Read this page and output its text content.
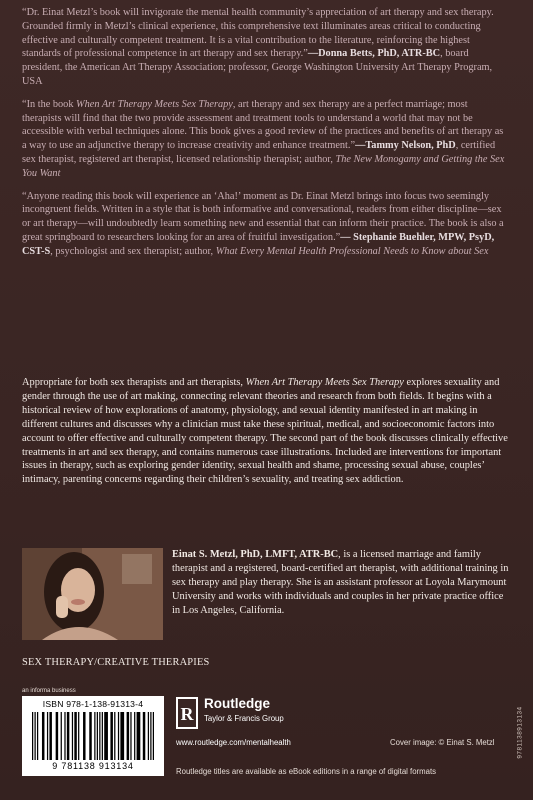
“Dr. Einat Metzl’s book will invigorate the mental health community’s appreciation of art therapy and sex therapy. Grounded firmly in Metzl’s clinical experience, this comprehensive text illuminates areas critical to conducting effective and culturally competent treatment. It is a vital contribution to the literature, reinforcing the highest standards of professional competence in art therapy and sex therapy.”—Donna Betts, PhD, ATR-BC, board president, the American Art Therapy Association; professor, George Washington University Art Therapy Program, USA

“In the book When Art Therapy Meets Sex Therapy, art therapy and sex therapy are a perfect marriage; most therapists will find that the two provide assessment and treatment tools to understand a world that may not be accessible with verbal techniques alone. This book gives a good review of the practices and benefits of art therapy as a way to use an adjunctive therapy to increase creativity and enhance treatment.”—Tammy Nelson, PhD, certified sex therapist, registered art therapist, licensed relationship therapist; author, The New Monogamy and Getting the Sex You Want

“Anyone reading this book will experience an ‘Aha!’ moment as Dr. Einat Metzl brings into focus two seemingly incongruent fields. Written in a style that is both informative and conversational, readers from either discipline—sex or art therapy—will undoubtedly learn something new and essential that can inform their practice. The book is also a great springboard to researchers looking for an area of fruitful investigation.”— Stephanie Buehler, MPW, PsyD, CST-S, psychologist and sex therapist; author, What Every Mental Health Professional Needs to Know about Sex

Appropriate for both sex therapists and art therapists, When Art Therapy Meets Sex Therapy explores sexuality and gender through the use of art making, connecting relevant theories and research from both fields. It begins with a historical review of how explorations of anatomy, physiology, and sexual identity manifested in art making in different cultures and discusses why a clinician must take these spiritual, medical, and socioeconomic factors into account to offer effective and culturally competent therapy. The second part of the book discusses clinically effective treatments in art and sex therapy, and contains numerous case illustrations. Included are interventions for important issues in therapy, such as exploring gender identity, sexual health and shame, processing sexual abuse, couples’ intimacy, parenting concerns regarding their children’s sexuality, and treating sex addiction.

Einat S. Metzl, PhD, LMFT, ATR-BC, is a licensed marriage and family therapist and a registered, board-certified art therapist, with additional training in sex therapy and play therapy. She is an assistant professor at Loyola Marymount University and works with individuals and couples in her private practice office in Los Angeles, California.

SEX THERAPY/CREATIVE THERAPIES
an informa business
ISBN 978-1-138-91313-4
9 781138 913134
R
Routledge
Taylor & Francis Group
www.routledge.com/mentalhealth	Cover image: © Einat S. Metzl
Routledge titles are available as eBook editions in a range of digital formats
9781138913134
